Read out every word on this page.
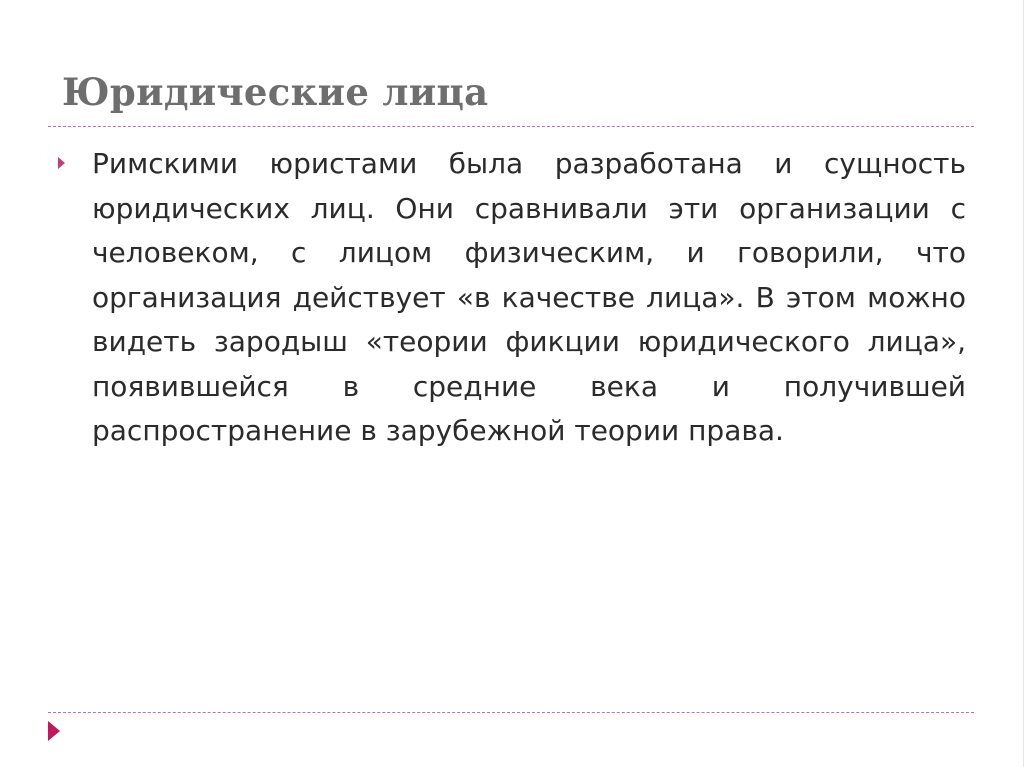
Юридические лица
Римскими юристами была разработана и сущность юридических лиц. Они сравнивали эти организации с человеком, с лицом физическим, и говорили, что организация действует «в качестве лица». В этом можно видеть зародыш «теории фикции юридического лица», появившейся в средние века и получившей распространение в зарубежной теории права.
